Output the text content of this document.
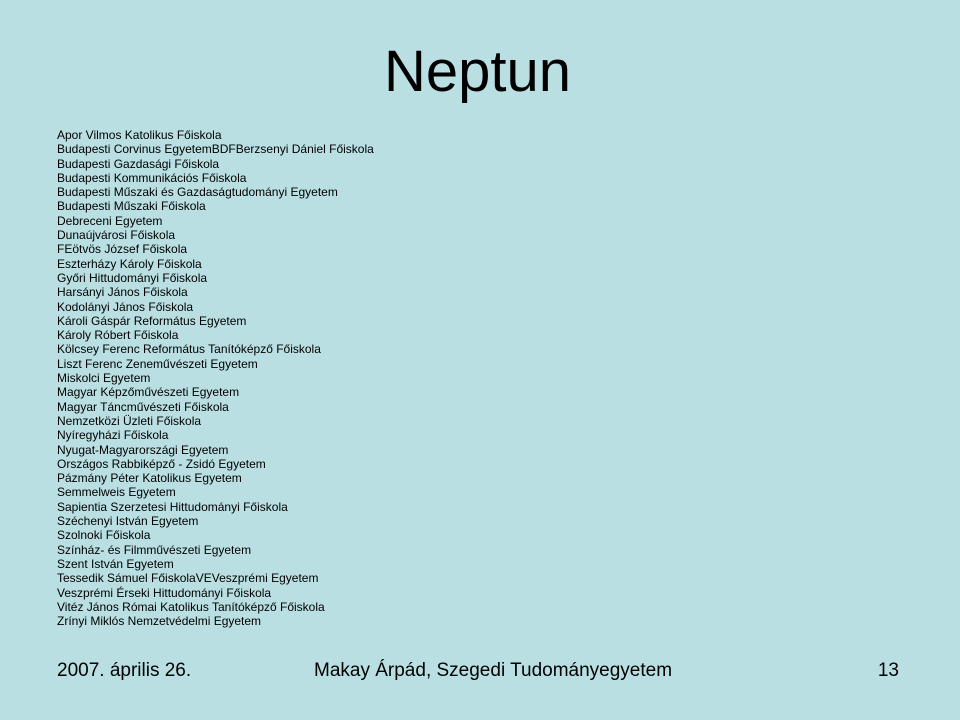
Neptun
Apor Vilmos Katolikus Főiskola
Budapesti Corvinus EgyetemBDFBerzsenyi Dániel Főiskola
Budapesti Gazdasági Főiskola
Budapesti Kommunikációs Főiskola
Budapesti Műszaki és Gazdaságtudományi Egyetem
Budapesti Műszaki Főiskola
Debreceni Egyetem
Dunaújvárosi Főiskola
FEötvös József Főiskola
Eszterházy Károly Főiskola
Győri Hittudományi Főiskola
Harsányi János Főiskola
Kodolányi János Főiskola
Károli Gáspár Református Egyetem
Károly Róbert Főiskola
Kölcsey Ferenc Református Tanítóképző Főiskola
Liszt Ferenc Zeneművészeti Egyetem
Miskolci Egyetem
Magyar Képzőművészeti Egyetem
Magyar Táncművészeti Főiskola
Nemzetközi Üzleti Főiskola
Nyíregyházi Főiskola
Nyugat-Magyarországi Egyetem
Országos Rabbiképző - Zsidó Egyetem
Pázmány Péter Katolikus Egyetem
Semmelweis Egyetem
Sapientia Szerzetesi Hittudományi Főiskola
Széchenyi István Egyetem
Szolnoki Főiskola
Színház- és Filmművészeti Egyetem
Szent István Egyetem
Tessedik Sámuel FőiskolaVEVeszprémi Egyetem
Veszprémi Érseki Hittudományi Főiskola
Vitéz János Római Katolikus Tanítóképző Főiskola
Zrínyi Miklós Nemzetvédelmi Egyetem
2007. április 26.	Makay Árpád, Szegedi Tudományegyetem	13
